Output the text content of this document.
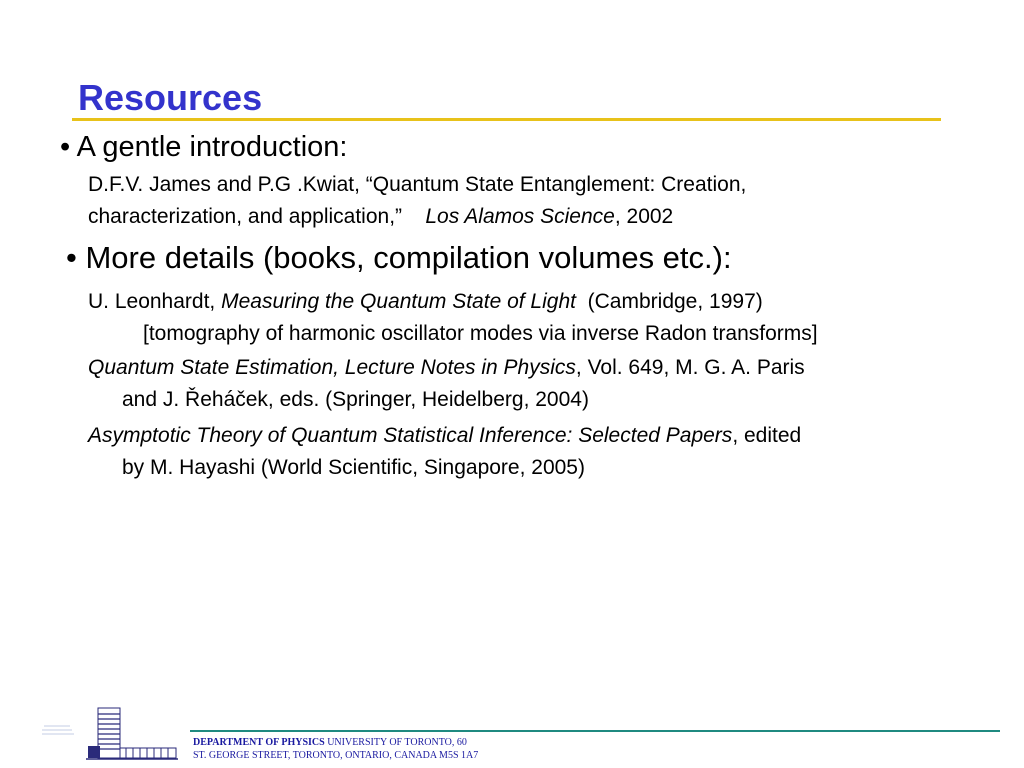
Resources
• A gentle introduction:
D.F.V. James and P.G .Kwiat, “Quantum State Entanglement: Creation,
characterization, and application,” Los Alamos Science, 2002
• More details (books, compilation volumes etc.):
U. Leonhardt, Measuring the Quantum State of Light  (Cambridge, 1997)
[tomography of harmonic oscillator modes via inverse Radon transforms]
Quantum State Estimation, Lecture Notes in Physics, Vol. 649, M. G. A. Paris
and J. Řeháček, eds. (Springer, Heidelberg, 2004)
Asymptotic Theory of Quantum Statistical Inference: Selected Papers, edited
by M. Hayashi (World Scientific, Singapore, 2005)
DEPARTMENT OF PHYSICS UNIVERSITY OF TORONTO, 60
ST. GEORGE STREET, TORONTO, ONTARIO, CANADA M5S 1A7
